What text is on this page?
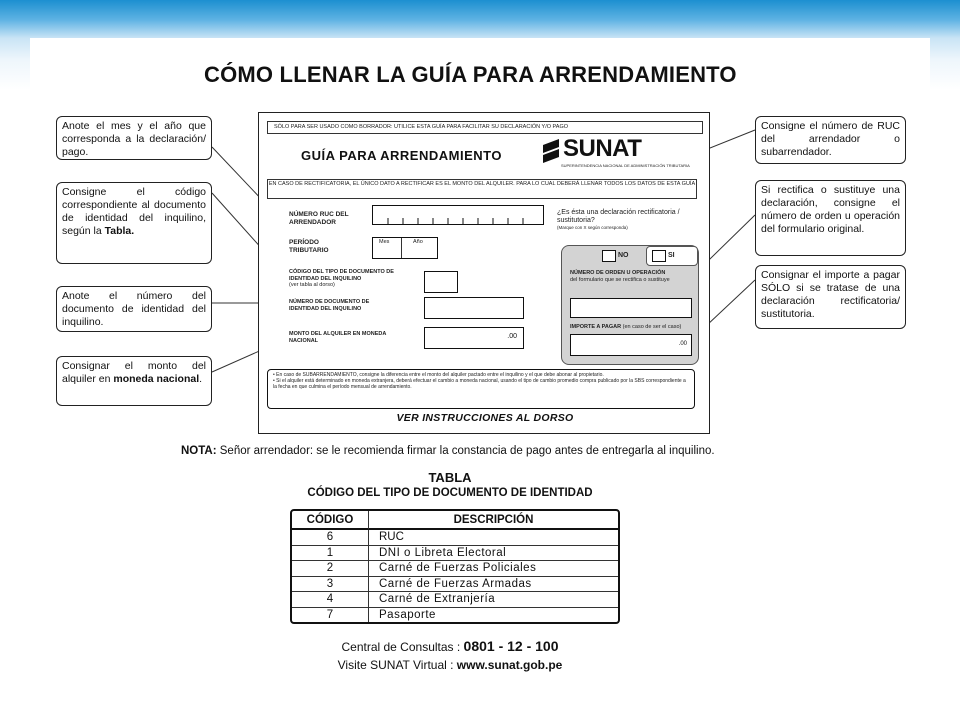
CÓMO LLENAR LA GUÍA PARA ARRENDAMIENTO
Anote el mes y el año que corresponda a la declaración/ pago.
Consigne el código correspondiente al documento de identidad del inquilino, según la Tabla.
Anote el número del documento de identidad del inquilino.
Consignar el monto del alquiler en moneda nacional.
Consigne el número de RUC del arrendador o subarrendador.
Si rectifica o sustituye una declaración, consigne el número de orden u operación del formulario original.
Consignar el importe a pagar SÓLO si se tratase de una declaración rectificatoria/ sustitutoria.
SÓLO PARA SER USADO COMO BORRADOR: UTILICE ESTA GUÍA PARA FACILITAR SU DECLARACIÓN Y/O PAGO
GUÍA PARA ARRENDAMIENTO	SUNAT
SUPERINTENDENCIA NACIONAL DE ADMINISTRACIÓN TRIBUTARIA
EN CASO DE RECTIFICATORIA, EL ÚNICO DATO A RECTIFICAR ES EL MONTO DEL ALQUILER. PARA LO CUAL DEBERÁ LLENAR TODOS LOS DATOS DE ESTA GUÍA
NÚMERO RUC DEL ARRENDADOR
PERÍODO TRIBUTARIO
Mes	Año
¿Es ésta una declaración rectificatoria / sustitutoria?
(Marque con X según corresponda)
CÓDIGO DEL TIPO DE DOCUMENTO DE IDENTIDAD DEL INQUILINO
(ver tabla al dorso)
NÚMERO DE DOCUMENTO DE IDENTIDAD DEL INQUILINO
MONTO DEL ALQUILER EN MONEDA NACIONAL
.00
NO	SI
NÚMERO DE ORDEN U OPERACIÓN
del formulario que se rectifica o sustituye
IMPORTE A PAGAR (en caso de ser el caso)
.00
• En caso de SUBARRENDAMIENTO, consigne la diferencia entre el monto del alquiler pactado entre el inquilino y el que debe abonar al propietario.
• Si el alquiler está determinado en moneda extranjera, deberá efectuar el cambio a moneda nacional, usando el tipo de cambio promedio compra publicado por la SBS correspondiente a la fecha en que culmina el período mensual de arrendamiento.
VER INSTRUCCIONES AL DORSO
NOTA: Señor arrendador: se le recomienda firmar la constancia de pago antes de entregarla al inquilino.
TABLA
CÓDIGO DEL TIPO DE DOCUMENTO DE IDENTIDAD
CÓDIGO	DESCRIPCIÓN
6	RUC
1	DNI o Libreta Electoral
2	Carné de Fuerzas Policiales
3	Carné de Fuerzas Armadas
4	Carné de Extranjería
7	Pasaporte
Central de Consultas : 0801 - 12 - 100
Visite SUNAT Virtual : www.sunat.gob.pe
